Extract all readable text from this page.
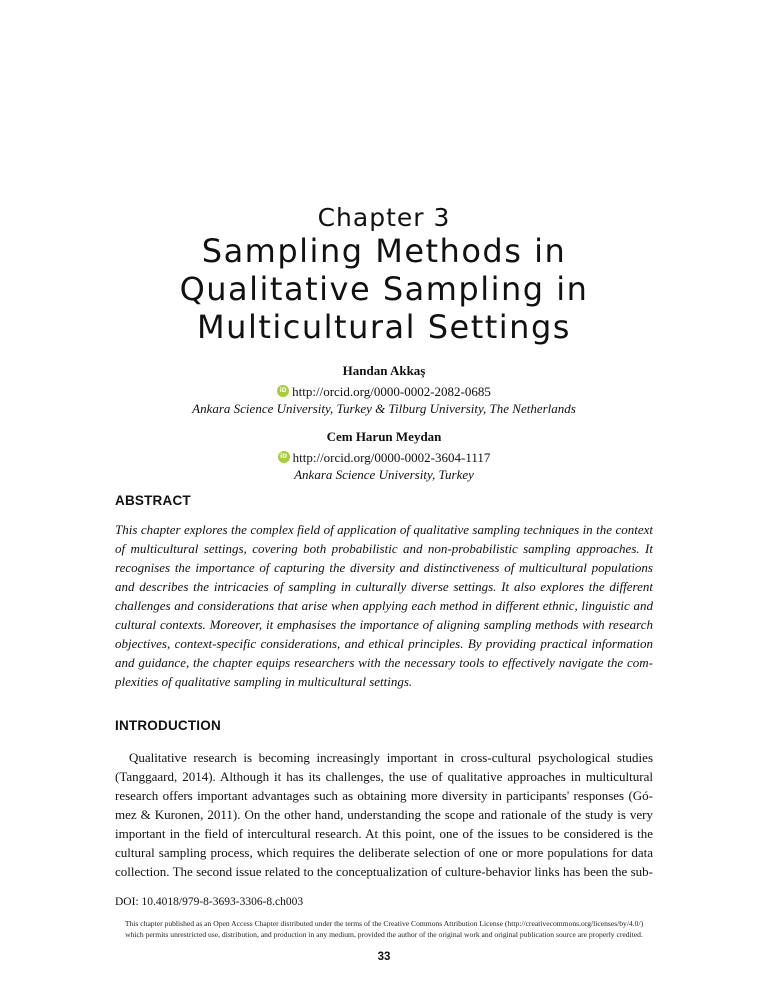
Chapter 3
Sampling Methods in
Qualitative Sampling in
Multicultural Settings
Handan Akkaş
iD http://orcid.org/0000-0002-2082-0685
Ankara Science University, Turkey & Tilburg University, The Netherlands
Cem Harun Meydan
iD http://orcid.org/0000-0002-3604-1117
Ankara Science University, Turkey
ABSTRACT
This chapter explores the complex field of application of qualitative sampling techniques in the context
of multicultural settings, covering both probabilistic and non-probabilistic sampling approaches. It
recognises the importance of capturing the diversity and distinctiveness of multicultural populations
and describes the intricacies of sampling in culturally diverse settings. It also explores the different
challenges and considerations that arise when applying each method in different ethnic, linguistic and
cultural contexts. Moreover, it emphasises the importance of aligning sampling methods with research
objectives, context-specific considerations, and ethical principles. By providing practical information
and guidance, the chapter equips researchers with the necessary tools to effectively navigate the com-
plexities of qualitative sampling in multicultural settings.
INTRODUCTION
Qualitative research is becoming increasingly important in cross-cultural psychological studies
(Tanggaard, 2014). Although it has its challenges, the use of qualitative approaches in multicultural
research offers important advantages such as obtaining more diversity in participants' responses (Gó-
mez & Kuronen, 2011). On the other hand, understanding the scope and rationale of the study is very
important in the field of intercultural research. At this point, one of the issues to be considered is the
cultural sampling process, which requires the deliberate selection of one or more populations for data
collection. The second issue related to the conceptualization of culture-behavior links has been the sub-
DOI: 10.4018/979-8-3693-3306-8.ch003
This chapter published as an Open Access Chapter distributed under the terms of the Creative Commons Attribution License (http://creativecommons.org/licenses/by/4.0/)
which permits unrestricted use, distribution, and production in any medium, provided the author of the original work and original publication source are properly credited.
33
